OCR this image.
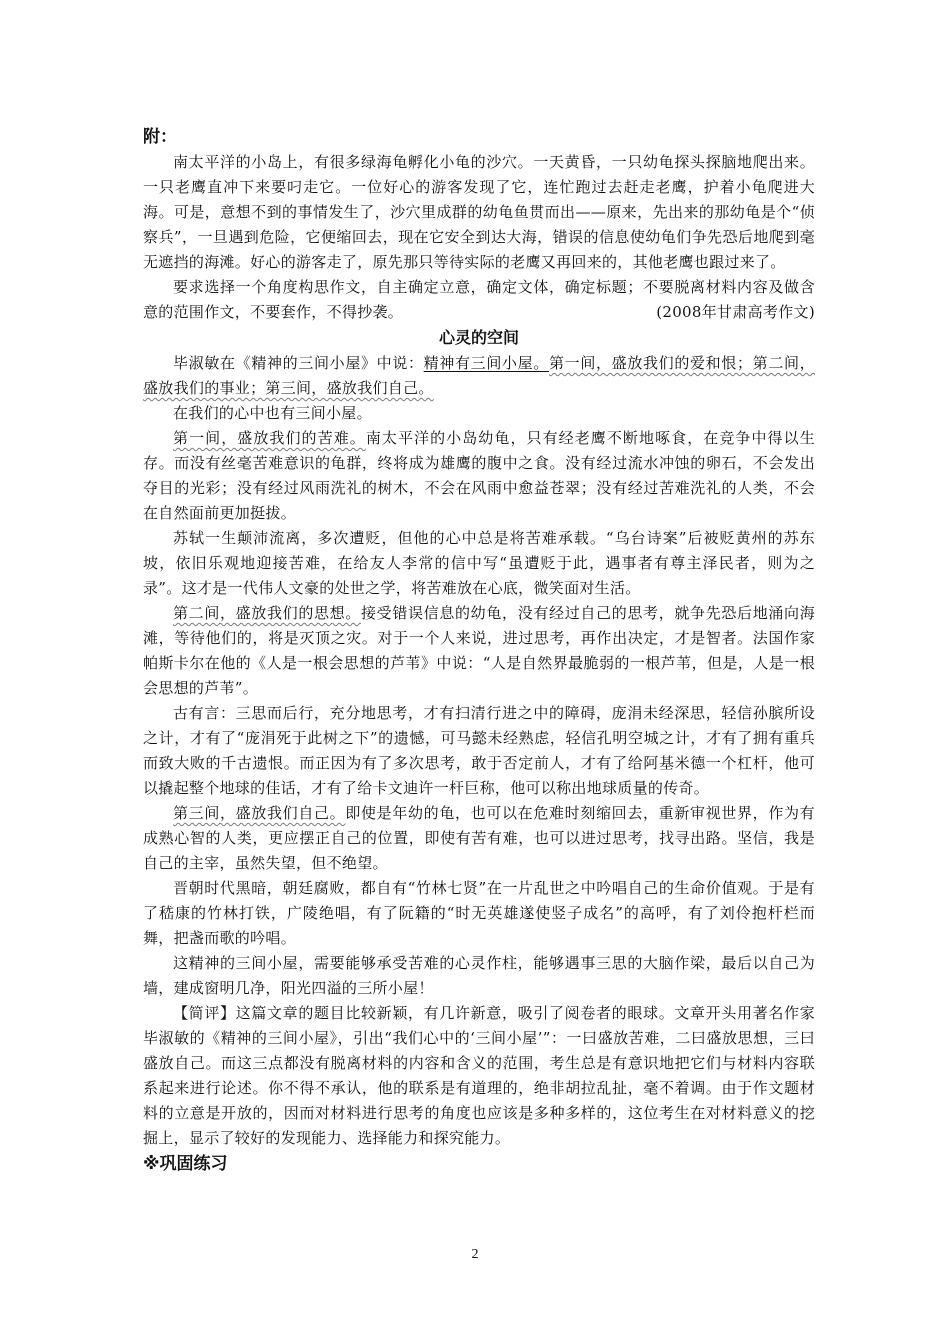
附：

南太平洋的小岛上，有很多绿海龟孵化小龟的沙穴。一天黄昏，一只幼龟探头探脑地爬出来。一只老鹰直冲下来要叼走它。一位好心的游客发现了它，连忙跑过去赶走老鹰，护着小龟爬进大海。可是，意想不到的事情发生了，沙穴里成群的幼龟鱼贯而出——原来，先出来的那幼龟是个“侦察兵”，一旦遇到危险，它便缩回去，现在它安全到达大海，错误的信息使幼龟们争先恐后地爬到毫无遮挡的海滩。好心的游客走了，原先那只等待实际的老鹰又再回来的，其他老鹰也跟过来了。

要求选择一个角度构思作文，自主确定立意，确定文体，确定标题；不要脱离材料内容及做含意的范围作文，不要套作，不得抄袭。	(2008年甘肃高考作文)

心灵的空间

毕淑敏在《精神的三间小屋》中说：精神有三间小屋。第一间，盛放我们的爱和恨；第二间，盛放我们的事业；第三间，盛放我们自己。

在我们的心中也有三间小屋。

第一间，盛放我们的苦难。南太平洋的小岛幼龟，只有经老鹰不断地啄食，在竞争中得以生存。而没有丝毫苦难意识的龟群，终将成为雄鹰的腹中之食。没有经过流水冲蚀的卵石，不会发出夺目的光彩；没有经过风雨洗礼的树木，不会在风雨中愈益苍翠；没有经过苦难洗礼的人类，不会在自然面前更加挺拔。

苏轼一生颠沛流离，多次遭贬，但他的心中总是将苦难承载。“乌台诗案”后被贬黄州的苏东坡，依旧乐观地迎接苦难，在给友人李常的信中写“虽遭贬于此，遇事者有尊主泽民者，则为之录”。这才是一代伟人文豪的处世之学，将苦难放在心底，微笑面对生活。

第二间，盛放我们的思想。接受错误信息的幼龟，没有经过自己的思考，就争先恐后地涌向海滩，等待他们的，将是灭顶之灾。对于一个人来说，进过思考，再作出决定，才是智者。法国作家帕斯卡尔在他的《人是一根会思想的芦苇》中说：“人是自然界最脆弱的一根芦苇，但是，人是一根会思想的芦苇”。

古有言：三思而后行，充分地思考，才有扫清行进之中的障碍，庞涓未经深思，轻信孙膑所设之计，才有了“庞涓死于此树之下”的遗憾，可马懿未经熟虑，轻信孔明空城之计，才有了拥有重兵而致大败的千古遗恨。而正因为有了多次思考，敢于否定前人，才有了给阿基米德一个杠杆，他可以撬起整个地球的佳话，才有了给卡文迪许一杆巨称，他可以称出地球质量的传奇。

第三间，盛放我们自己。即使是年幼的龟，也可以在危难时刻缩回去，重新审视世界，作为有成熟心智的人类，更应摆正自己的位置，即使有苦有难，也可以进过思考，找寻出路。坚信，我是自己的主宰，虽然失望，但不绝望。

晋朝时代黑暗，朝廷腐败，都自有“竹林七贤”在一片乱世之中吟唱自己的生命价值观。于是有了嵇康的竹林打铁，广陵绝唱，有了阮籍的“时无英雄遂使竖子成名”的高呼，有了刘伶抱杆栏而舞，把盏而歌的吟唱。

这精神的三间小屋，需要能够承受苦难的心灵作柱，能够遇事三思的大脑作梁，最后以自己为墙，建成窗明几净，阳光四溢的三所小屋！

【简评】这篇文章的题目比较新颖，有几许新意，吸引了阅卷者的眼球。文章开头用著名作家毕淑敏的《精神的三间小屋》，引出“我们心中的‘三间小屋’”：一曰盛放苦难，二曰盛放思想，三曰盛放自己。而这三点都没有脱离材料的内容和含义的范围，考生总是有意识地把它们与材料内容联系起来进行论述。你不得不承认，他的联系是有道理的，绝非胡拉乱扯，毫不着调。由于作文题材料的立意是开放的，因而对材料进行思考的角度也应该是多种多样的，这位考生在对材料意义的挖掘上，显示了较好的发现能力、选择能力和探究能力。

※巩固练习

2
